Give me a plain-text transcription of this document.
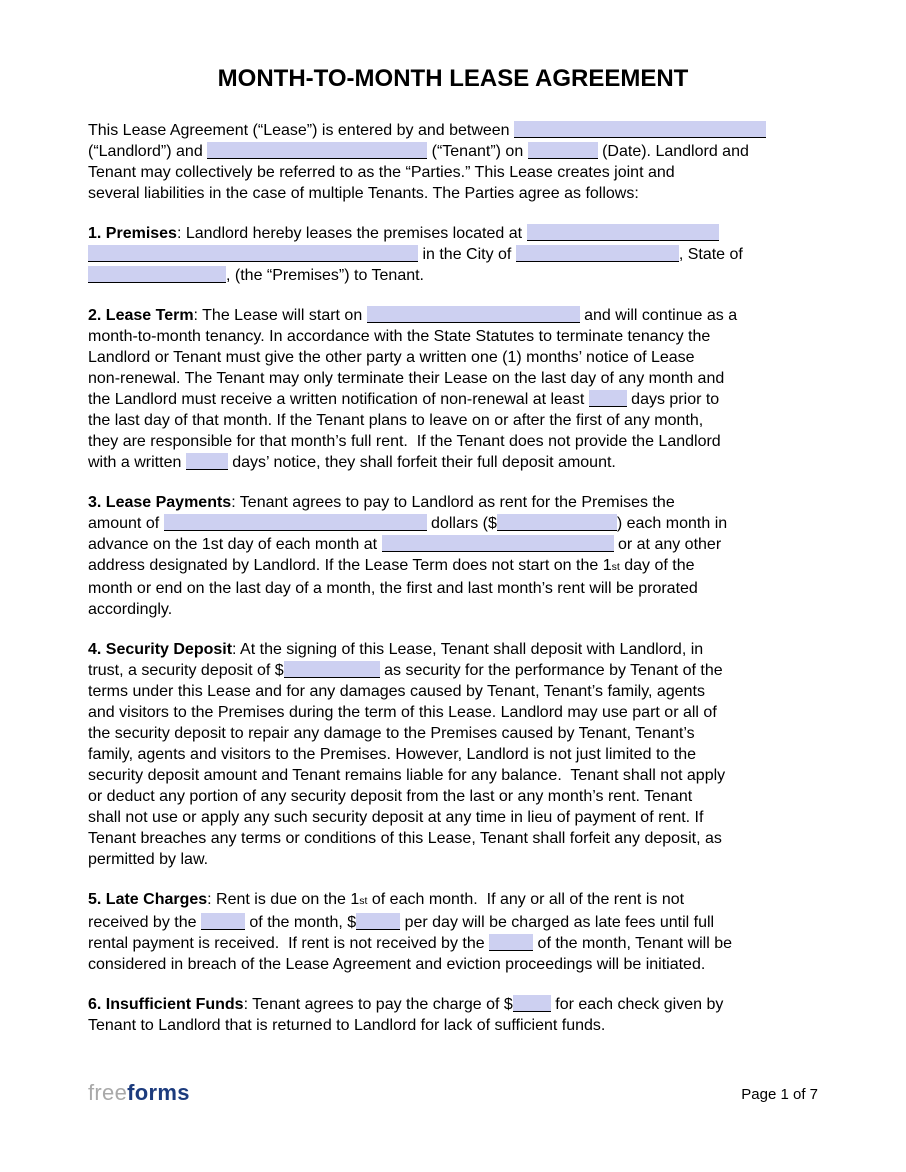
MONTH-TO-MONTH LEASE AGREEMENT
This Lease Agreement (“Lease”) is entered by and between
(“Landlord”) and	(“Tenant”) on	(Date). Landlord and
Tenant may collectively be referred to as the “Parties.” This Lease creates joint and
several liabilities in the case of multiple Tenants. The Parties agree as follows:
1. Premises: Landlord hereby leases the premises located at
in the City of	, State of
, (the “Premises”) to Tenant.
2. Lease Term: The Lease will start on	and will continue as a
month-to-month tenancy. In accordance with the State Statutes to terminate tenancy the
Landlord or Tenant must give the other party a written one (1) months’ notice of Lease
non-renewal. The Tenant may only terminate their Lease on the last day of any month and
the Landlord must receive a written notification of non-renewal at least  days prior to
the last day of that month. If the Tenant plans to leave on or after the first of any month,
they are responsible for that month’s full rent.  If the Tenant does not provide the Landlord
with a written	days’ notice, they shall forfeit their full deposit amount.
3. Lease Payments: Tenant agrees to pay to Landlord as rent for the Premises the
amount of	dollars ($	) each month in
advance on the 1st day of each month at	or at any other
address designated by Landlord. If the Lease Term does not start on the 1st day of the
month or end on the last day of a month, the first and last month’s rent will be prorated
accordingly.
4. Security Deposit: At the signing of this Lease, Tenant shall deposit with Landlord, in
trust, a security deposit of $	as security for the performance by Tenant of the
terms under this Lease and for any damages caused by Tenant, Tenant’s family, agents
and visitors to the Premises during the term of this Lease. Landlord may use part or all of
the security deposit to repair any damage to the Premises caused by Tenant, Tenant’s
family, agents and visitors to the Premises. However, Landlord is not just limited to the
security deposit amount and Tenant remains liable for any balance.  Tenant shall not apply
or deduct any portion of any security deposit from the last or any month’s rent. Tenant
shall not use or apply any such security deposit at any time in lieu of payment of rent. If
Tenant breaches any terms or conditions of this Lease, Tenant shall forfeit any deposit, as
permitted by law.
5. Late Charges: Rent is due on the 1st of each month.  If any or all of the rent is not
received by the	of the month, $	per day will be charged as late fees until full
rental payment is received.  If rent is not received by the	of the month, Tenant will be
considered in breach of the Lease Agreement and eviction proceedings will be initiated.
6. Insufficient Funds: Tenant agrees to pay the charge of $ for each check given by
Tenant to Landlord that is returned to Landlord for lack of sufficient funds.
freeforms	Page 1 of 7
